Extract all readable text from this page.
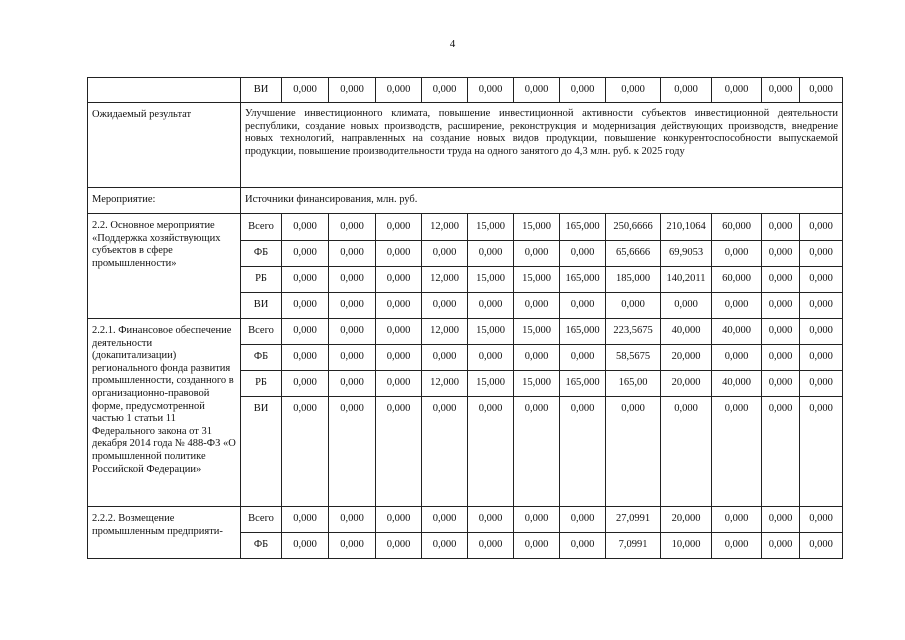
4
	ВИ	0,000	0,000	0,000	0,000	0,000	0,000	0,000	0,000	0,000	0,000	0,000	0,000
Ожидаемый результат	Улучшение инвестиционного климата, повышение инвестиционной активности субъектов инвестиционной деятельности республики, создание новых производств, расширение, реконструкция и модернизация действующих производств, внедрение новых технологий, направленных на создание новых видов продукции, повышение конкурентоспособности выпускаемой продукции, повышение производительности труда на одного занятого до 4,3 млн. руб. к 2025 году												
Мероприятие:	Источники финансирования, млн. руб.												
2.2. Основное мероприятие «Поддержка хозяйствующих субъектов в сфере промышленности»	Всего	0,000	0,000	0,000	12,000	15,000	15,000	165,000	250,6666	210,1064	60,000	0,000	0,000
	ФБ	0,000	0,000	0,000	0,000	0,000	0,000	0,000	65,6666	69,9053	0,000	0,000	0,000
	РБ	0,000	0,000	0,000	12,000	15,000	15,000	165,000	185,000	140,2011	60,000	0,000	0,000
	ВИ	0,000	0,000	0,000	0,000	0,000	0,000	0,000	0,000	0,000	0,000	0,000	0,000
2.2.1. Финансовое обеспечение деятельности (докапитализации) регионального фонда развития промышленности, созданного в организационно-правовой форме, предусмотренной частью 1 статьи 11 Федерального закона от 31 декабря 2014 года № 488-ФЗ «О промышленной политике Российской Федерации»	Всего	0,000	0,000	0,000	12,000	15,000	15,000	165,000	223,5675	40,000	40,000	0,000	0,000
	ФБ	0,000	0,000	0,000	0,000	0,000	0,000	0,000	58,5675	20,000	0,000	0,000	0,000
	РБ	0,000	0,000	0,000	12,000	15,000	15,000	165,000	165,00	20,000	40,000	0,000	0,000
	ВИ	0,000	0,000	0,000	0,000	0,000	0,000	0,000	0,000	0,000	0,000	0,000	0,000
2.2.2. Возмещение промышленным предприяти-	Всего	0,000	0,000	0,000	0,000	0,000	0,000	0,000	27,0991	20,000	0,000	0,000	0,000
	ФБ	0,000	0,000	0,000	0,000	0,000	0,000	0,000	7,0991	10,000	0,000	0,000	0,000
